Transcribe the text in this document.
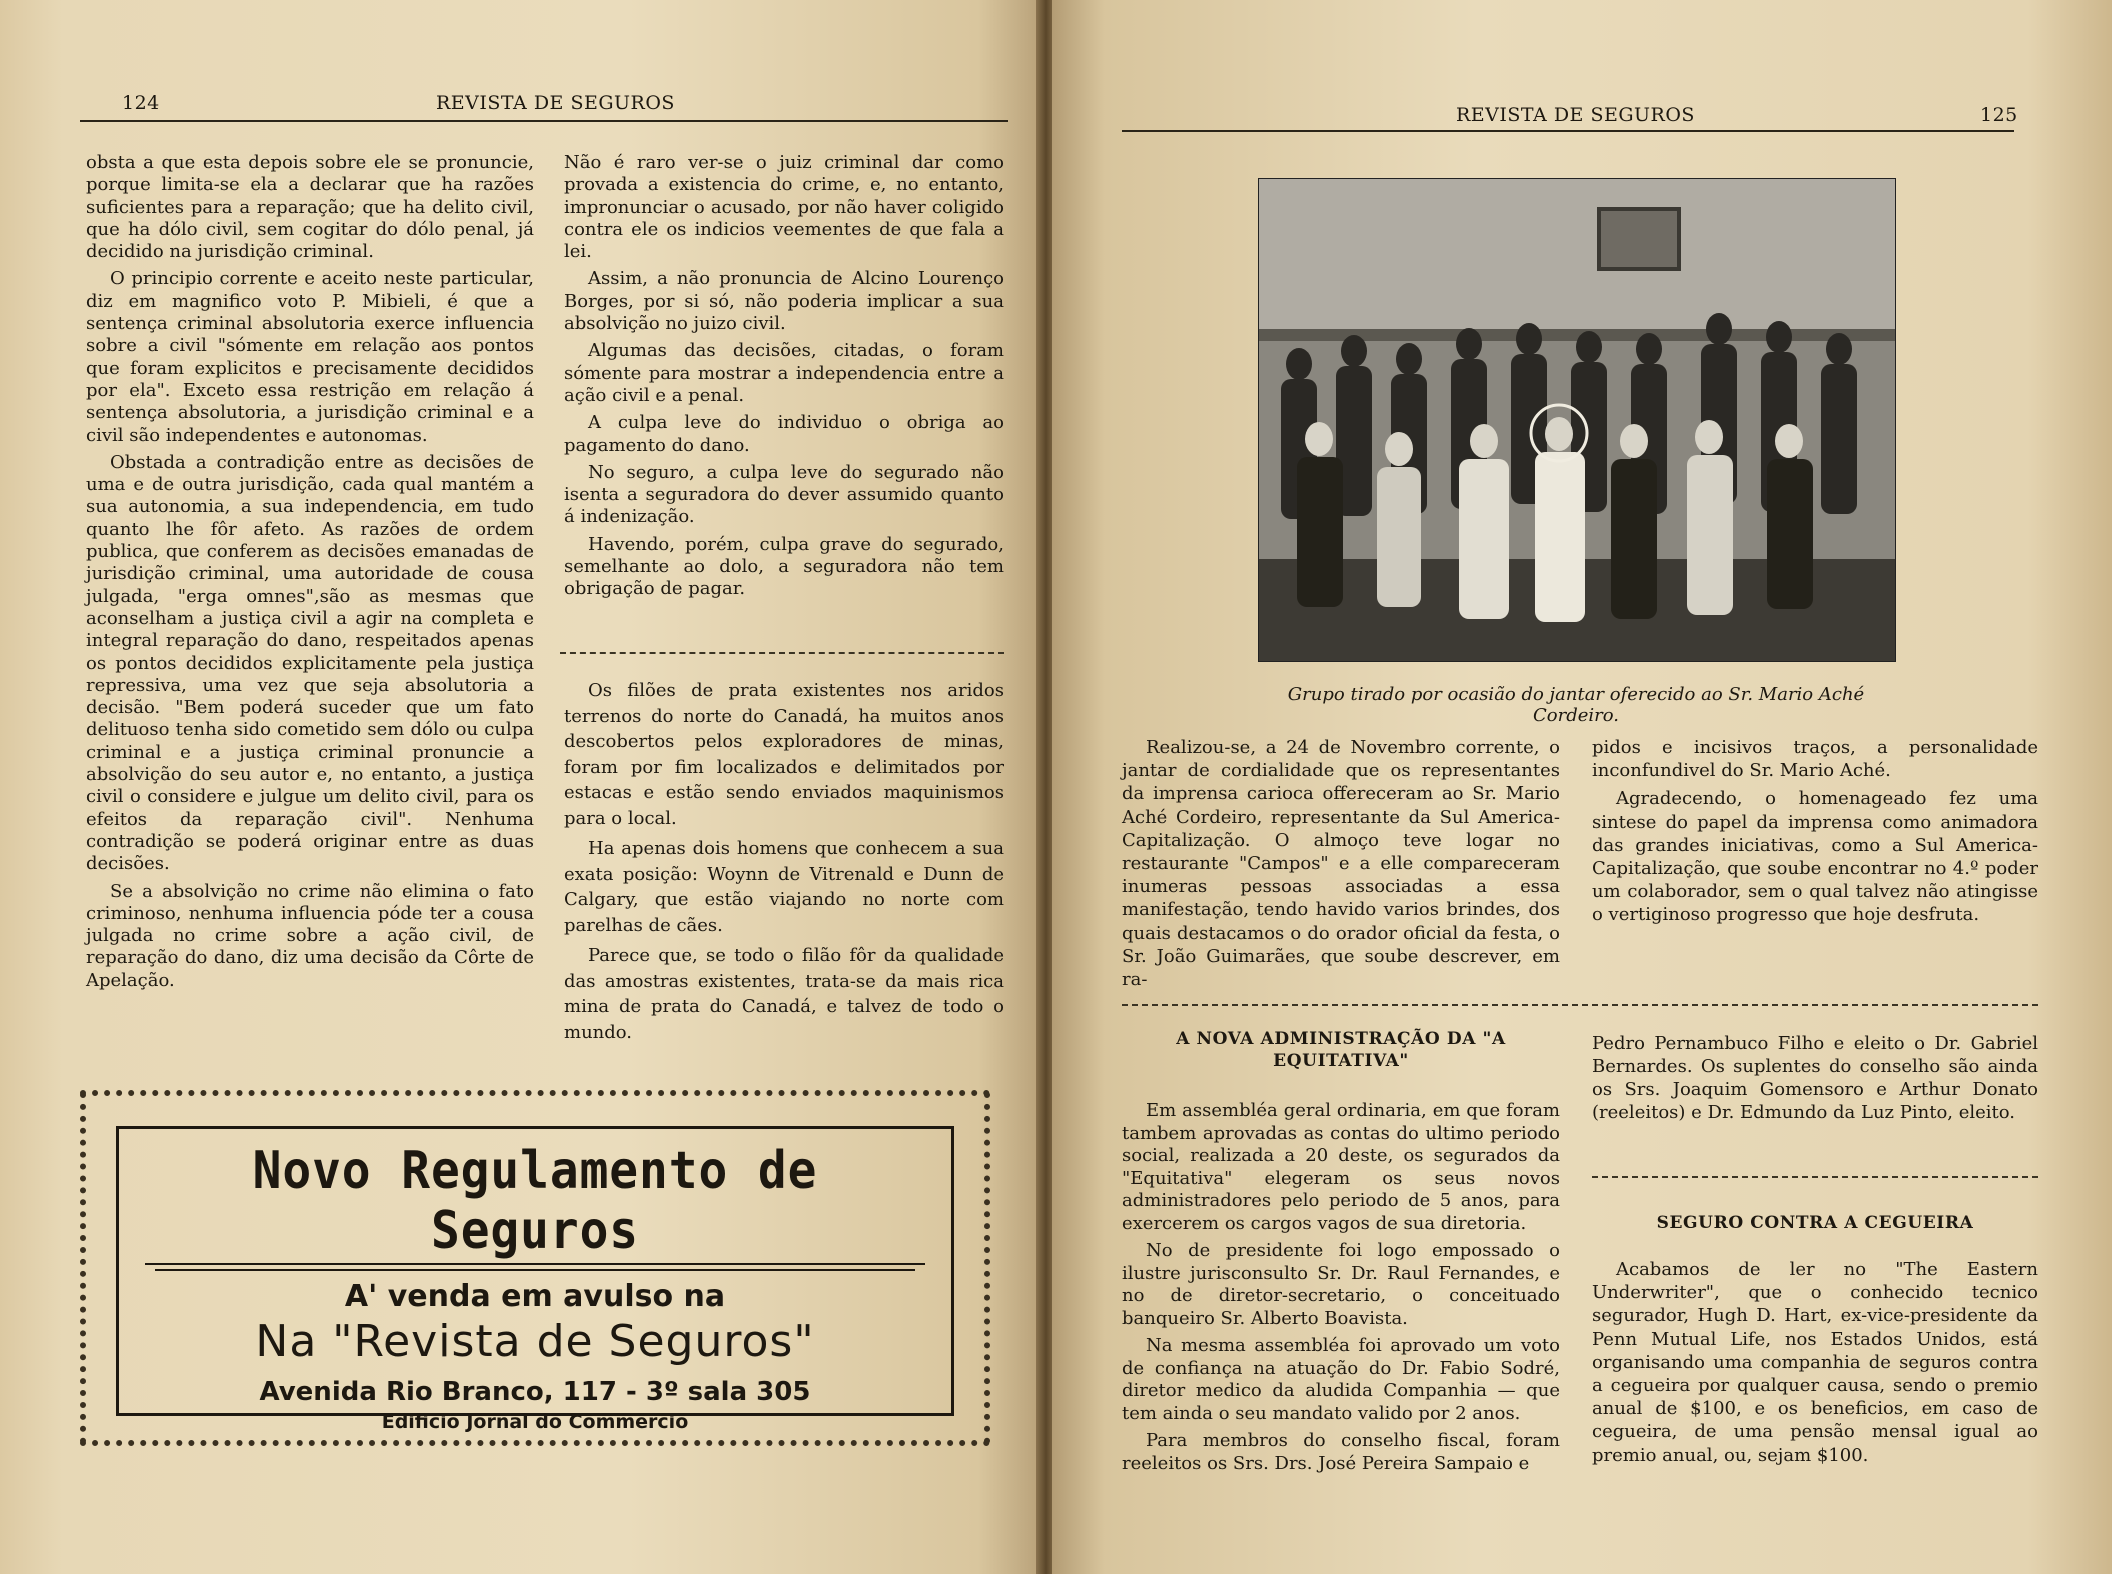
124	REVISTA DE SEGUROS

obsta a que esta depois sobre ele se pronuncie, porque limita-se ela a declarar que ha razões suficientes para a reparação; que ha delito civil, que ha dólo civil, sem cogitar do dólo penal, já decidido na jurisdição criminal.

O principio corrente e aceito neste particular, diz em magnifico voto P. Mibieli, é que a sentença criminal absolutoria exerce influencia sobre a civil "sómente em relação aos pontos que foram explicitos e precisamente decididos por ela". Exceto essa restrição em relação á sentença absolutoria, a jurisdição criminal e a civil são independentes e autonomas.

Obstada a contradição entre as decisões de uma e de outra jurisdição, cada qual mantém a sua autonomia, a sua independencia, em tudo quanto lhe fôr afeto. As razões de ordem publica, que conferem as decisões emanadas de jurisdição criminal, uma autoridade de cousa julgada, "erga omnes",são as mesmas que aconselham a justiça civil a agir na completa e integral reparação do dano, respeitados apenas os pontos decididos explicitamente pela justiça repressiva, uma vez que seja absolutoria a decisão. "Bem poderá suceder que um fato delituoso tenha sido cometido sem dólo ou culpa criminal e a justiça criminal pronuncie a absolvição do seu autor e, no entanto, a justiça civil o considere e julgue um delito civil, para os efeitos da reparação civil". Nenhuma contradição se poderá originar entre as duas decisões.

Se a absolvição no crime não elimina o fato criminoso, nenhuma influencia póde ter a cousa julgada no crime sobre a ação civil, de reparação do dano, diz uma decisão da Côrte de Apelação.

Não é raro ver-se o juiz criminal dar como provada a existencia do crime, e, no entanto, impronunciar o acusado, por não haver coligido contra ele os indicios veementes de que fala a lei.

Assim, a não pronuncia de Alcino Lourenço Borges, por si só, não poderia implicar a sua absolvição no juizo civil.

Algumas das decisões, citadas, o foram sómente para mostrar a independencia entre a ação civil e a penal.

A culpa leve do individuo o obriga ao pagamento do dano.

No seguro, a culpa leve do segurado não isenta a seguradora do dever assumido quanto á indenização.

Havendo, porém, culpa grave do segurado, semelhante ao dolo, a seguradora não tem obrigação de pagar.

Os filões de prata existentes nos aridos terrenos do norte do Canadá, ha muitos anos descobertos pelos exploradores de minas, foram por fim localizados e delimitados por estacas e estão sendo enviados maquinismos para o local.

Ha apenas dois homens que conhecem a sua exata posição: Woynn de Vitrenald e Dunn de Calgary, que estão viajando no norte com parelhas de cães.

Parece que, se todo o filão fôr da qualidade das amostras existentes, trata-se da mais rica mina de prata do Canadá, e talvez de todo o mundo.

Novo Regulamento de Seguros
A' venda em avulso na
Na "Revista de Seguros"
Avenida Rio Branco, 117 - 3º sala 305
Edificio Jornal do Commercio
REVISTA DE SEGUROS	125
Grupo tirado por ocasião do jantar oferecido ao Sr. Mario Aché Cordeiro.

Realizou-se, a 24 de Novembro corrente, o jantar de cordialidade que os representantes da imprensa carioca offereceram ao Sr. Mario Aché Cordeiro, representante da Sul America-Capitalização. O almoço teve logar no restaurante "Campos" e a elle compareceram inumeras pessoas associadas a essa manifestação, tendo havido varios brindes, dos quais destacamos o do orador oficial da festa, o Sr. João Guimarães, que soube descrever, em ra-

pidos e incisivos traços, a personalidade inconfundivel do Sr. Mario Aché.

Agradecendo, o homenageado fez uma sintese do papel da imprensa como animadora das grandes iniciativas, como a Sul America-Capitalização, que soube encontrar no 4.º poder um colaborador, sem o qual talvez não atingisse o vertiginoso progresso que hoje desfruta.

A NOVA ADMINISTRAÇÃO DA "A EQUITATIVA"

Em assembléa geral ordinaria, em que foram tambem aprovadas as contas do ultimo periodo social, realizada a 20 deste, os segurados da "Equitativa" elegeram os seus novos administradores pelo periodo de 5 anos, para exercerem os cargos vagos de sua diretoria.

No de presidente foi logo empossado o ilustre jurisconsulto Sr. Dr. Raul Fernandes, e no de diretor-secretario, o conceituado banqueiro Sr. Alberto Boavista.

Na mesma assembléa foi aprovado um voto de confiança na atuação do Dr. Fabio Sodré, diretor medico da aludida Companhia — que tem ainda o seu mandato valido por 2 anos.

Para membros do conselho fiscal, foram reeleitos os Srs. Drs. José Pereira Sampaio e

Pedro Pernambuco Filho e eleito o Dr. Gabriel Bernardes. Os suplentes do conselho são ainda os Srs. Joaquim Gomensoro e Arthur Donato (reeleitos) e Dr. Edmundo da Luz Pinto, eleito.

SEGURO CONTRA A CEGUEIRA

Acabamos de ler no "The Eastern Underwriter", que o conhecido tecnico segurador, Hugh D. Hart, ex-vice-presidente da Penn Mutual Life, nos Estados Unidos, está organisando uma companhia de seguros contra a cegueira por qualquer causa, sendo o premio anual de $100, e os beneficios, em caso de cegueira, de uma pensão mensal igual ao premio anual, ou, sejam $100.
